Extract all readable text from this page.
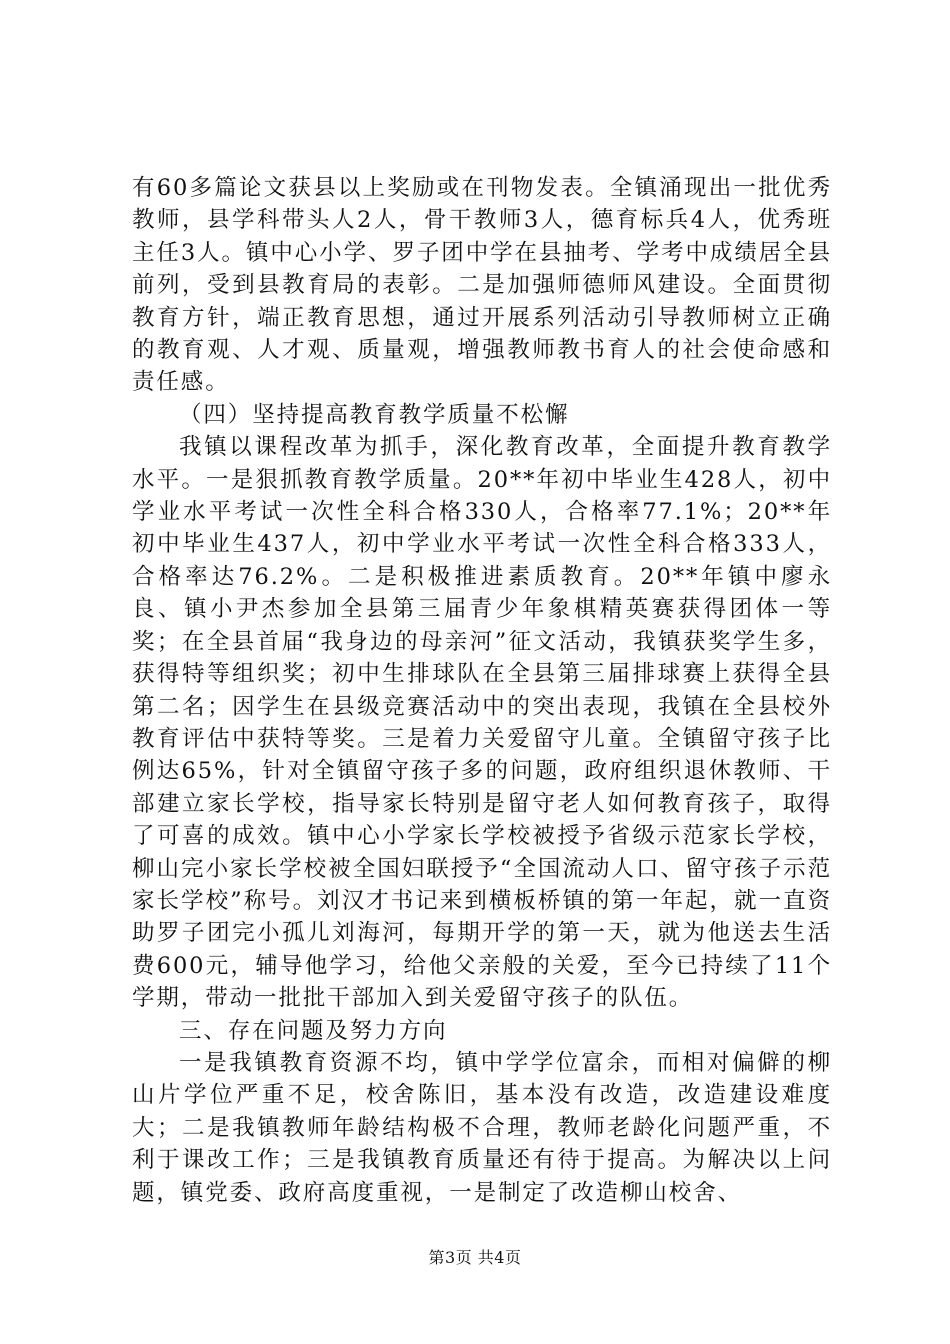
有60多篇论文获县以上奖励或在刊物发表。全镇涌现出一批优秀教师，县学科带头人2人，骨干教师3人，德育标兵4人，优秀班主任3人。镇中心小学、罗子团中学在县抽考、学考中成绩居全县前列，受到县教育局的表彰。二是加强师德师风建设。全面贯彻教育方针，端正教育思想，通过开展系列活动引导教师树立正确的教育观、人才观、质量观，增强教师教书育人的社会使命感和责任感。

（四）坚持提高教育教学质量不松懈

我镇以课程改革为抓手，深化教育改革，全面提升教育教学水平。一是狠抓教育教学质量。20**年初中毕业生428人，初中学业水平考试一次性全科合格330人，合格率77.1%；20**年初中毕业生437人，初中学业水平考试一次性全科合格333人，合格率达76.2%。二是积极推进素质教育。20**年镇中廖永良、镇小尹杰参加全县第三届青少年象棋精英赛获得团体一等奖；在全县首届“我身边的母亲河”征文活动，我镇获奖学生多，获得特等组织奖；初中生排球队在全县第三届排球赛上获得全县第二名；因学生在县级竞赛活动中的突出表现，我镇在全县校外教育评估中获特等奖。三是着力关爱留守儿童。全镇留守孩子比例达65%，针对全镇留守孩子多的问题，政府组织退休教师、干部建立家长学校，指导家长特别是留守老人如何教育孩子，取得了可喜的成效。镇中心小学家长学校被授予省级示范家长学校，柳山完小家长学校被全国妇联授予“全国流动人口、留守孩子示范家长学校”称号。刘汉才书记来到横板桥镇的第一年起，就一直资助罗子团完小孤儿刘海河，每期开学的第一天，就为他送去生活费600元，辅导他学习，给他父亲般的关爱，至今已持续了11个学期，带动一批批干部加入到关爱留守孩子的队伍。

三、存在问题及努力方向

一是我镇教育资源不均，镇中学学位富余，而相对偏僻的柳山片学位严重不足，校舍陈旧，基本没有改造，改造建设难度大；二是我镇教师年龄结构极不合理，教师老龄化问题严重，不利于课改工作；三是我镇教育质量还有待于提高。为解决以上问题，镇党委、政府高度重视，一是制定了改造柳山校舍、

第3页 共4页
